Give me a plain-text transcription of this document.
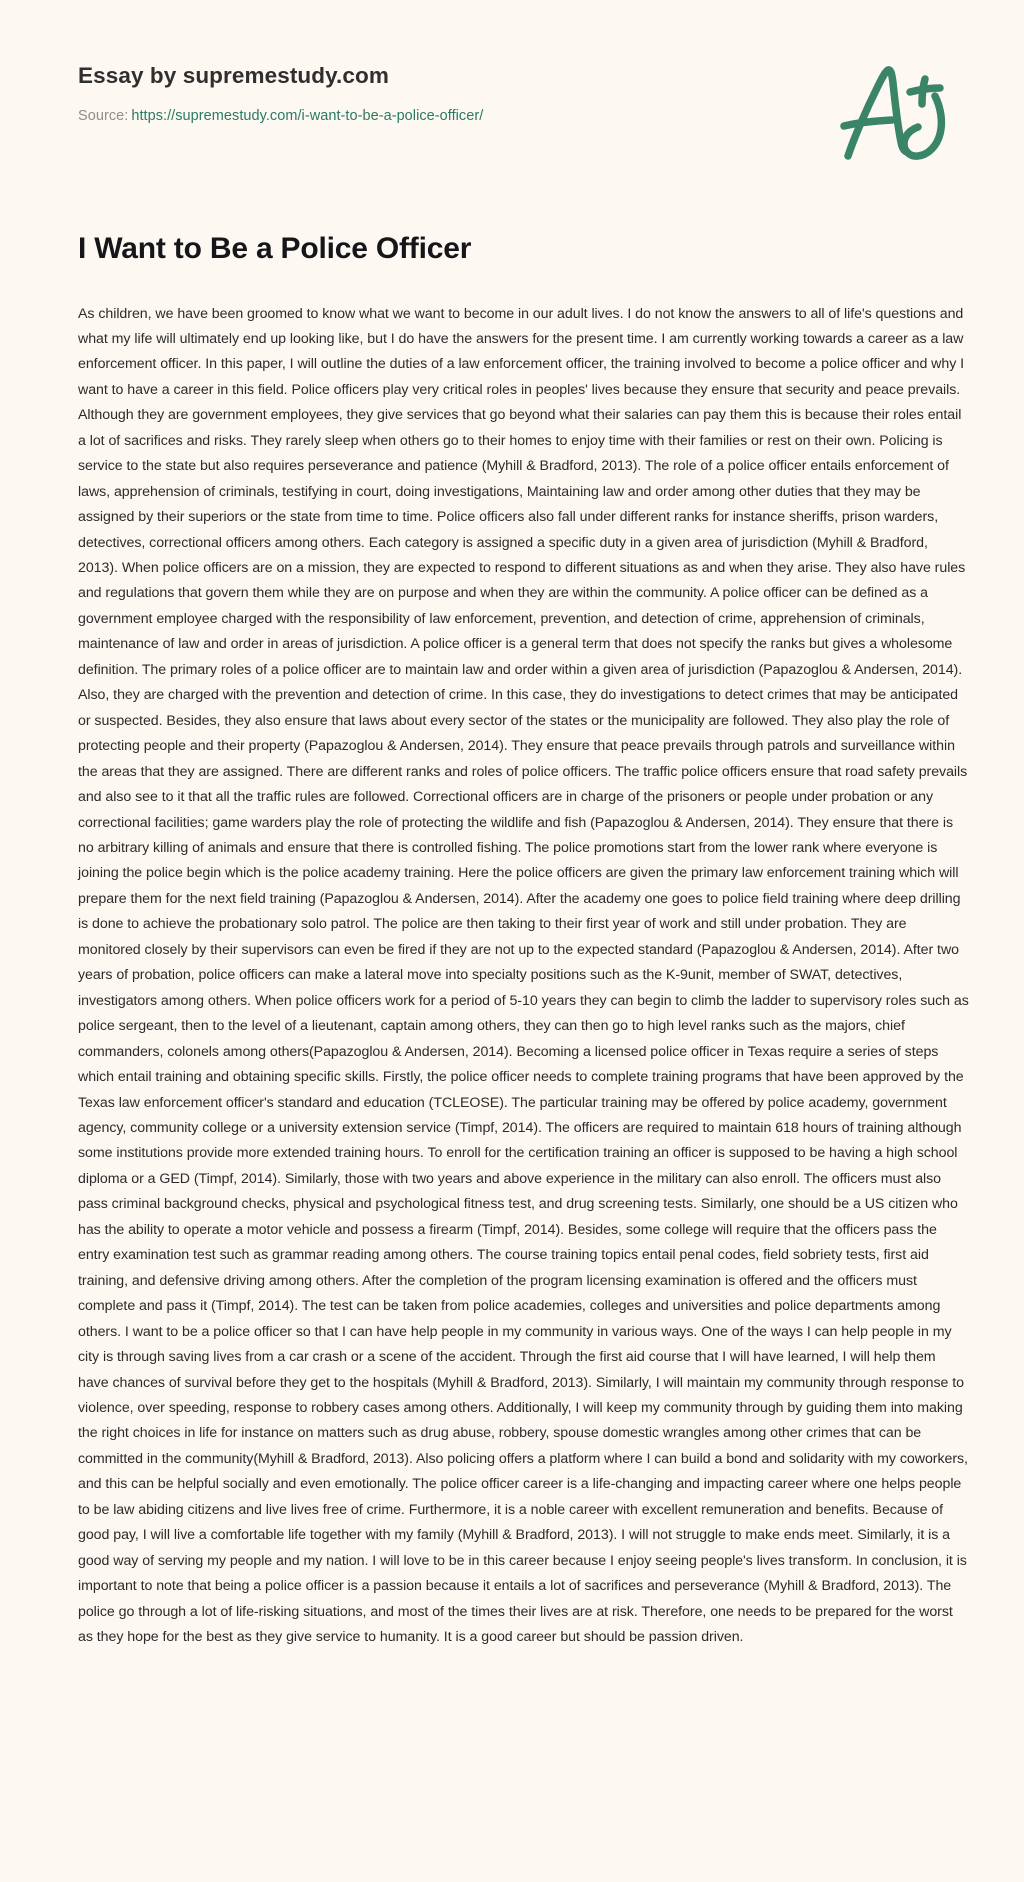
Essay by supremestudy.com
Source: https://supremestudy.com/i-want-to-be-a-police-officer/
I Want to Be a Police Officer

As children, we have been groomed to know what we want to become in our adult lives. I do not know the answers to all of life's questions and what my life will ultimately end up looking like, but I do have the answers for the present time. I am currently working towards a career as a law enforcement officer. In this paper, I will outline the duties of a law enforcement officer, the training involved to become a police officer and why I want to have a career in this field. Police officers play very critical roles in peoples' lives because they ensure that security and peace prevails. Although they are government employees, they give services that go beyond what their salaries can pay them this is because their roles entail a lot of sacrifices and risks. They rarely sleep when others go to their homes to enjoy time with their families or rest on their own. Policing is service to the state but also requires perseverance and patience (Myhill & Bradford, 2013). The role of a police officer entails enforcement of laws, apprehension of criminals, testifying in court, doing investigations, Maintaining law and order among other duties that they may be assigned by their superiors or the state from time to time. Police officers also fall under different ranks for instance sheriffs, prison warders, detectives, correctional officers among others. Each category is assigned a specific duty in a given area of jurisdiction (Myhill & Bradford, 2013). When police officers are on a mission, they are expected to respond to different situations as and when they arise. They also have rules and regulations that govern them while they are on purpose and when they are within the community. A police officer can be defined as a government employee charged with the responsibility of law enforcement, prevention, and detection of crime, apprehension of criminals, maintenance of law and order in areas of jurisdiction. A police officer is a general term that does not specify the ranks but gives a wholesome definition. The primary roles of a police officer are to maintain law and order within a given area of jurisdiction (Papazoglou & Andersen, 2014). Also, they are charged with the prevention and detection of crime. In this case, they do investigations to detect crimes that may be anticipated or suspected. Besides, they also ensure that laws about every sector of the states or the municipality are followed. They also play the role of protecting people and their property (Papazoglou & Andersen, 2014). They ensure that peace prevails through patrols and surveillance within the areas that they are assigned. There are different ranks and roles of police officers. The traffic police officers ensure that road safety prevails and also see to it that all the traffic rules are followed. Correctional officers are in charge of the prisoners or people under probation or any correctional facilities; game warders play the role of protecting the wildlife and fish (Papazoglou & Andersen, 2014). They ensure that there is no arbitrary killing of animals and ensure that there is controlled fishing. The police promotions start from the lower rank where everyone is joining the police begin which is the police academy training. Here the police officers are given the primary law enforcement training which will prepare them for the next field training (Papazoglou & Andersen, 2014). After the academy one goes to police field training where deep drilling is done to achieve the probationary solo patrol. The police are then taking to their first year of work and still under probation. They are monitored closely by their supervisors can even be fired if they are not up to the expected standard (Papazoglou & Andersen, 2014). After two years of probation, police officers can make a lateral move into specialty positions such as the K-9unit, member of SWAT, detectives, investigators among others. When police officers work for a period of 5-10 years they can begin to climb the ladder to supervisory roles such as police sergeant, then to the level of a lieutenant, captain among others, they can then go to high level ranks such as the majors, chief commanders, colonels among others(Papazoglou & Andersen, 2014). Becoming a licensed police officer in Texas require a series of steps which entail training and obtaining specific skills. Firstly, the police officer needs to complete training programs that have been approved by the Texas law enforcement officer's standard and education (TCLEOSE). The particular training may be offered by police academy, government agency, community college or a university extension service (Timpf, 2014). The officers are required to maintain 618 hours of training although some institutions provide more extended training hours. To enroll for the certification training an officer is supposed to be having a high school diploma or a GED (Timpf, 2014). Similarly, those with two years and above experience in the military can also enroll. The officers must also pass criminal background checks, physical and psychological fitness test, and drug screening tests. Similarly, one should be a US citizen who has the ability to operate a motor vehicle and possess a firearm (Timpf, 2014). Besides, some college will require that the officers pass the entry examination test such as grammar reading among others. The course training topics entail penal codes, field sobriety tests, first aid training, and defensive driving among others. After the completion of the program licensing examination is offered and the officers must complete and pass it (Timpf, 2014). The test can be taken from police academies, colleges and universities and police departments among others. I want to be a police officer so that I can have help people in my community in various ways. One of the ways I can help people in my city is through saving lives from a car crash or a scene of the accident. Through the first aid course that I will have learned, I will help them have chances of survival before they get to the hospitals (Myhill & Bradford, 2013). Similarly, I will maintain my community through response to violence, over speeding, response to robbery cases among others. Additionally, I will keep my community through by guiding them into making the right choices in life for instance on matters such as drug abuse, robbery, spouse domestic wrangles among other crimes that can be committed in the community(Myhill & Bradford, 2013). Also policing offers a platform where I can build a bond and solidarity with my coworkers, and this can be helpful socially and even emotionally. The police officer career is a life-changing and impacting career where one helps people to be law abiding citizens and live lives free of crime. Furthermore, it is a noble career with excellent remuneration and benefits. Because of good pay, I will live a comfortable life together with my family (Myhill & Bradford, 2013). I will not struggle to make ends meet. Similarly, it is a good way of serving my people and my nation. I will love to be in this career because I enjoy seeing people's lives transform. In conclusion, it is important to note that being a police officer is a passion because it entails a lot of sacrifices and perseverance (Myhill & Bradford, 2013). The police go through a lot of life-risking situations, and most of the times their lives are at risk. Therefore, one needs to be prepared for the worst as they hope for the best as they give service to humanity. It is a good career but should be passion driven.
